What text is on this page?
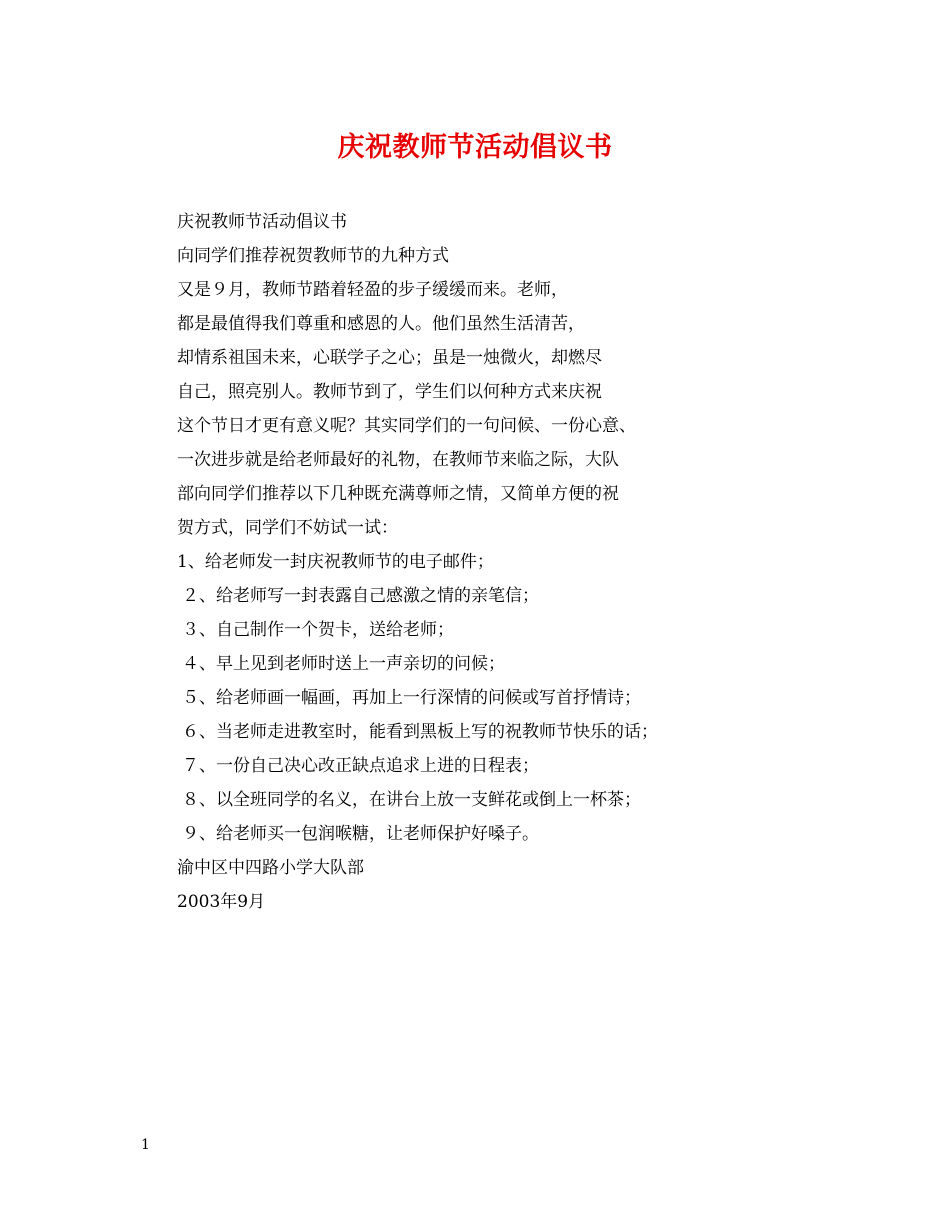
庆祝教师节活动倡议书

庆祝教师节活动倡议书

向同学们推荐祝贺教师节的九种方式

又是９月，教师节踏着轻盈的步子缓缓而来。老师，

都是最值得我们尊重和感恩的人。他们虽然生活清苦，

却情系祖国未来，心联学子之心；虽是一烛微火，却燃尽

自己，照亮别人。教师节到了，学生们以何种方式来庆祝

这个节日才更有意义呢？其实同学们的一句问候、一份心意、

一次进步就是给老师最好的礼物，在教师节来临之际，大队

部向同学们推荐以下几种既充满尊师之情，又简单方便的祝

贺方式，同学们不妨试一试：

1、给老师发一封庆祝教师节的电子邮件；

２、给老师写一封表露自己感激之情的亲笔信；

３、自己制作一个贺卡，送给老师；

４、早上见到老师时送上一声亲切的问候；

５、给老师画一幅画，再加上一行深情的问候或写首抒情诗；

６、当老师走进教室时，能看到黑板上写的祝教师节快乐的话；

７、一份自己决心改正缺点追求上进的日程表；

８、以全班同学的名义，在讲台上放一支鲜花或倒上一杯茶；

９、给老师买一包润喉糖，让老师保护好嗓子。

渝中区中四路小学大队部

2003年9月

1
